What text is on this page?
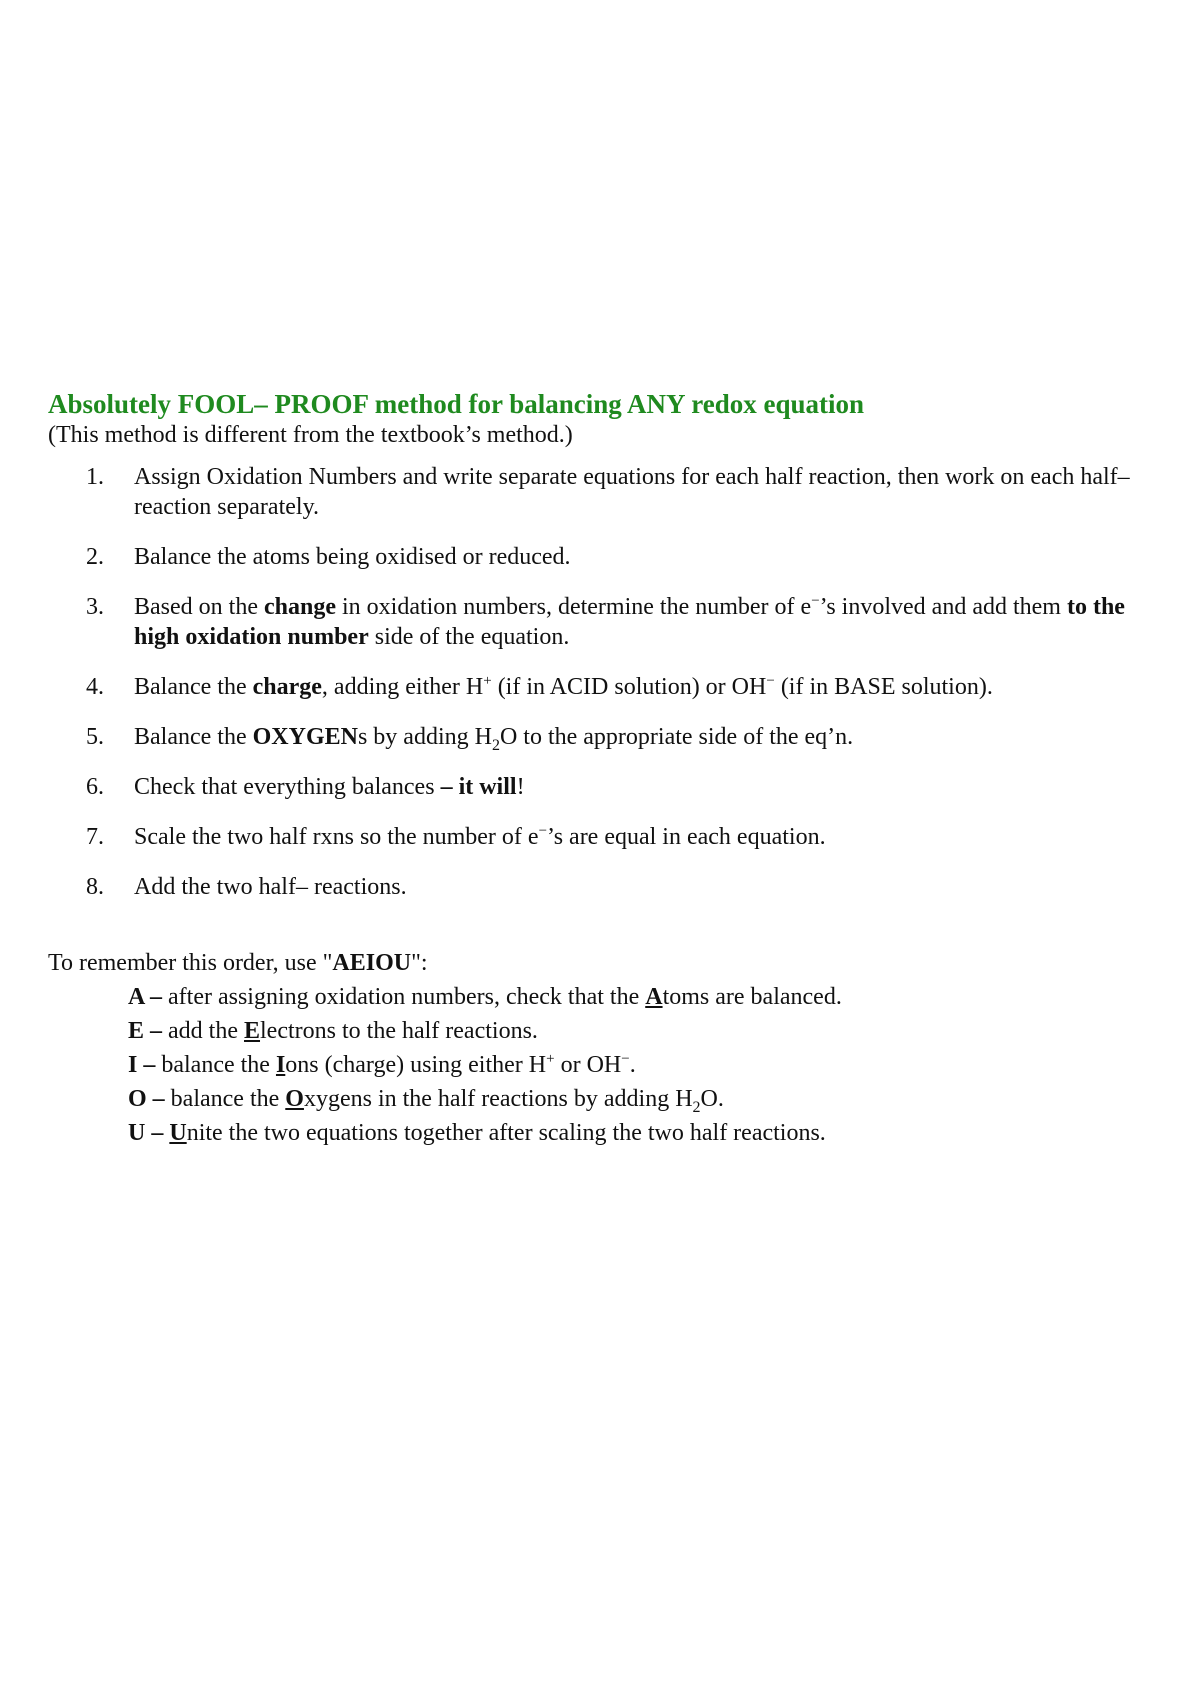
Absolutely FOOL– PROOF method for balancing ANY redox equation

(This method is different from the textbook’s method.)

1. Assign Oxidation Numbers and write separate equations for each half reaction, then work on each half– reaction separately.
2. Balance the atoms being oxidised or reduced.
3. Based on the change in oxidation numbers, determine the number of e−’s involved and add them to the high oxidation number side of the equation.
4. Balance the charge, adding either H+ (if in ACID solution) or OH− (if in BASE solution).
5. Balance the OXYGENs by adding $H_2O$ to the appropriate side of the eq’n.
6. Check that everything balances – it will!
7. Scale the two half rxns so the number of e−’s are equal in each equation.
8. Add the two half– reactions.

To remember this order, use "AEIOU":

A – after assigning oxidation numbers, check that the Atoms are balanced.
E – add the Electrons to the half reactions.
I – balance the Ions (charge) using either H+ or OH−.
O – balance the Oxygens in the half reactions by adding $H_2O$.
U – Unite the two equations together after scaling the two half reactions.
